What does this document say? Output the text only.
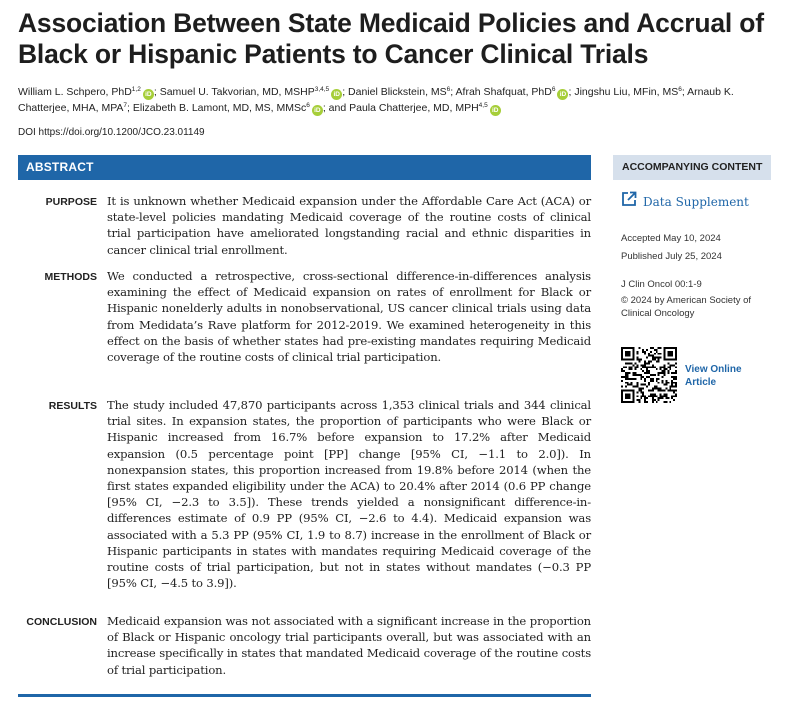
Association Between State Medicaid Policies and Accrual of Black or Hispanic Patients to Cancer Clinical Trials
William L. Schpero, PhD$^{1,2}$iD ; Samuel U. Takvorian, MD, MSHP$^{3,4,5}$iD ; Daniel Blickstein, $MS^6$; Afrah Shafquat, PhD$^6$iD ; Jingshu Liu, MFin, $MS^6$; Arnaub K. Chatterjee, MHA, MPA$^7$; Elizabeth B. Lamont, MD, MS, MMSc$^6$iD ; and Paula Chatterjee, MD, MPH$^{4,5}$iD
DOI https://doi.org/10.1200/JCO.23.01149
ABSTRACT
PURPOSE It is unknown whether Medicaid expansion under the Affordable Care Act (ACA) or state-level policies mandating Medicaid coverage of the routine costs of clinical trial participation have ameliorated longstanding racial and ethnic disparities in cancer clinical trial enrollment.

METHODS We conducted a retrospective, cross-sectional difference-in-differences analysis examining the effect of Medicaid expansion on rates of enrollment for Black or Hispanic nonelderly adults in nonobservational, US cancer clinical trials using data from Medidata’s Rave platform for 2012-2019. We examined heterogeneity in this effect on the basis of whether states had pre-existing mandates requiring Medicaid coverage of the routine costs of clinical trial participation.

RESULTS The study included 47,870 participants across 1,353 clinical trials and 344 clinical trial sites. In expansion states, the proportion of participants who were Black or Hispanic increased from 16.7% before expansion to 17.2% after Medicaid expansion (0.5 percentage point [PP] change [95% CI, −1.1 to 2.0]). In nonexpansion states, this proportion increased from 19.8% before 2014 (when the first states expanded eligibility under the ACA) to 20.4% after 2014 (0.6 PP change [95% CI, −2.3 to 3.5]). These trends yielded a nonsignificant difference-in-differences estimate of 0.9 PP (95% CI, −2.6 to 4.4). Medicaid expansion was associated with a 5.3 PP (95% CI, 1.9 to 8.7) increase in the enrollment of Black or Hispanic participants in states with mandates requiring Medicaid coverage of the routine costs of trial participation, but not in states without mandates (−0.3 PP [95% CI, −4.5 to 3.9]).

CONCLUSION Medicaid expansion was not associated with a significant increase in the proportion of Black or Hispanic oncology trial participants overall, but was associated with an increase specifically in states that mandated Medicaid coverage of the routine costs of trial participation.

ACCOMPANYING CONTENT
Data Supplement
Accepted May 10, 2024
Published July 25, 2024
J Clin Oncol 00:1-9
© 2024 by American Society of Clinical Oncology
View Online Article
